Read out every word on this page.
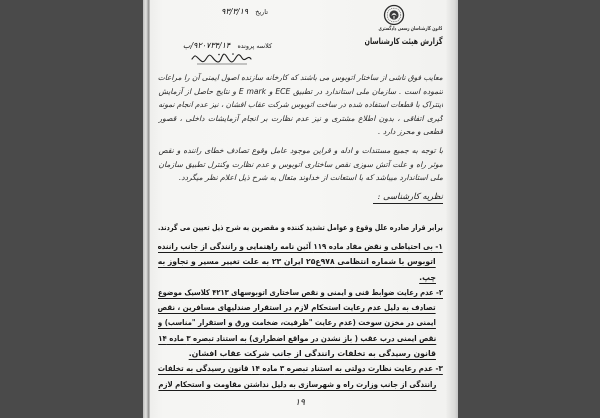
کانون کارشناسان رسمی دادگستری
گزارش هیئت کارشناسان
تاریخ ۹۳/۳/۱۹
کلاسه پرونده ۹۲۰۷۳۴/۱۴/ب
معایب فوق ناشی از ساختار اتوبوس می باشند که کارخانه سازنده اصول ایمنی آن را مراعات
ننموده است . سازمان ملی استاندارد در تطبیق ECE و E mark و نتایج حاصل از آزمایش
اینتراک با قطعات استفاده شده در ساخت اتوبوس شرکت عقاب افشان ، نیز عدم انجام نمونه
گیری اتفاقی ، بدون اطلاع مشتری و نیز عدم نظارت بر انجام آزمایشات داخلی ، قصور
قطعی و محرز دارد .
با توجه به جمیع مستندات و ادله و قراین موجود عامل وقوع تصادف خطای راننده و نقص
موثر راه و علت آتش سوزی نقص ساختاری اتوبوس و عدم نظارت وکنترل تطبیق سازمان
ملی استاندارد میباشد که با استعانت از خداوند متعال به شرح ذیل اعلام نظر میگردد.
نظریه کارشناسی :
برابر قرار صادره علل وقوع و عوامل تشدید کننده و مقصرین به شرح ذیل تعیین می گردند.
۱- بی احتیاطی و نقض مفاد ماده ۱۱۹ آئین نامه راهنمایی و رانندگی از جانب راننده
اتوبوس با شماره انتظامی ۹۷۸ع۲۵ ایران ۲۳ به علت تغییر مسیر و تجاوز به
چپ.
۲- عدم رعایت ضوابط فنی و ایمنی و نقص ساختاری اتوبوسهای ۴۲۱۳ کلاسیک موضوع
تصادف به دلیل عدم رعایت استحکام لازم در استقرار صندلیهای مسافرین ، نقص
ایمنی در مخزن سوخت (عدم رعایت "ظرفیت، ضخامت ورق و استقرار "مناسب) و
نقص ایمنی درب عقب ( باز نشدن در مواقع اضطراری) به استناد تبصره ۳ ماده ۱۴
قانون رسیدگی به تخلفات رانندگی از جانب شرکت عقاب افشان.
۳- عدم رعایت نظارت دولتی به استناد تبصره ۳ ماده ۱۴ قانون رسیدگی به تخلفات
رانندگی از جانب وزارت راه و شهرسازی به دلیل نداشتن مقاومت و استحکام لازم
۱۹
